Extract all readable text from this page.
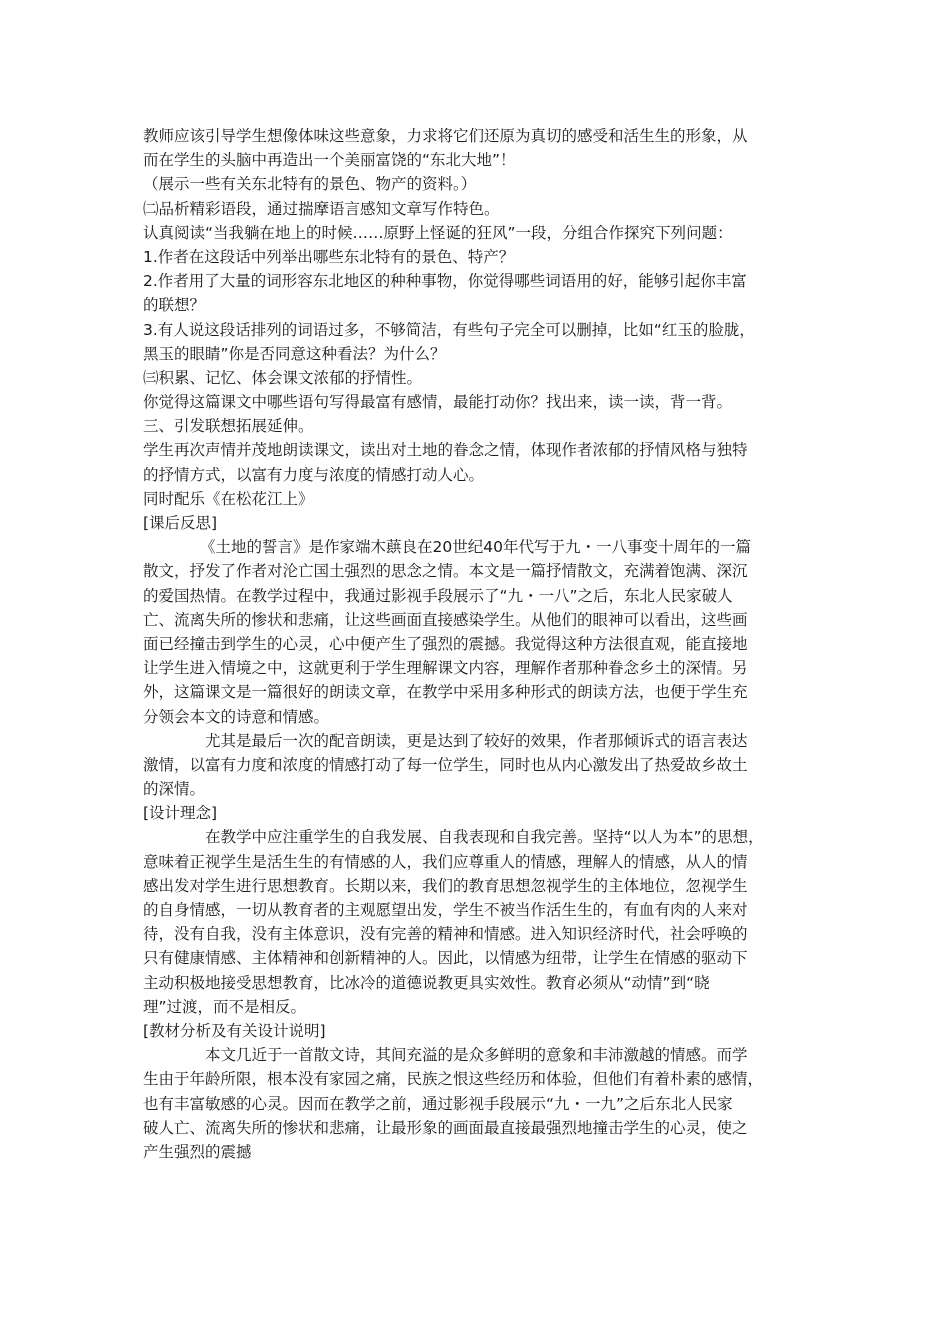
教师应该引导学生想像体味这些意象，力求将它们还原为真切的感受和活生生的形象，从
而在学生的头脑中再造出一个美丽富饶的“东北大地”！
（展示一些有关东北特有的景色、物产的资料。）
㈡品析精彩语段，通过揣摩语言感知文章写作特色。
认真阅读“当我躺在地上的时候……原野上怪诞的狂风”一段，分组合作探究下列问题：
1.作者在这段话中列举出哪些东北特有的景色、特产？
2.作者用了大量的词形容东北地区的种种事物，你觉得哪些词语用的好，能够引起你丰富
的联想？
3.有人说这段话排列的词语过多，不够简洁，有些句子完全可以删掉，比如“红玉的脸胧，
黑玉的眼睛”你是否同意这种看法？为什么？
㈢积累、记忆、体会课文浓郁的抒情性。
你觉得这篇课文中哪些语句写得最富有感情，最能打动你？找出来，读一读，背一背。
三、引发联想拓展延伸。
学生再次声情并茂地朗读课文，读出对土地的眷念之情，体现作者浓郁的抒情风格与独特
的抒情方式，以富有力度与浓度的情感打动人心。
同时配乐《在松花江上》
[课后反思]
《土地的誓言》是作家端木蕻良在20世纪40年代写于九・一八事变十周年的一篇
散文，抒发了作者对沦亡国土强烈的思念之情。本文是一篇抒情散文，充满着饱满、深沉
的爱国热情。在教学过程中，我通过影视手段展示了“九・一八”之后，东北人民家破人
亡、流离失所的惨状和悲痛，让这些画面直接感染学生。从他们的眼神可以看出，这些画
面已经撞击到学生的心灵，心中便产生了强烈的震撼。我觉得这种方法很直观，能直接地
让学生进入情境之中，这就更利于学生理解课文内容，理解作者那种眷念乡土的深情。另
外，这篇课文是一篇很好的朗读文章，在教学中采用多种形式的朗读方法，也便于学生充
分领会本文的诗意和情感。
尤其是最后一次的配音朗读，更是达到了较好的效果，作者那倾诉式的语言表达
激情，以富有力度和浓度的情感打动了每一位学生，同时也从内心激发出了热爱故乡故土
的深情。
[设计理念]
在教学中应注重学生的自我发展、自我表现和自我完善。坚持“以人为本”的思想，
意味着正视学生是活生生的有情感的人，我们应尊重人的情感，理解人的情感，从人的情
感出发对学生进行思想教育。长期以来，我们的教育思想忽视学生的主体地位，忽视学生
的自身情感，一切从教育者的主观愿望出发，学生不被当作活生生的，有血有肉的人来对
待，没有自我，没有主体意识，没有完善的精神和情感。进入知识经济时代，社会呼唤的
只有健康情感、主体精神和创新精神的人。因此，以情感为纽带，让学生在情感的驱动下
主动积极地接受思想教育，比冰冷的道德说教更具实效性。教育必须从“动情”到“晓
理”过渡，而不是相反。
[教材分析及有关设计说明]
本文几近于一首散文诗，其间充溢的是众多鲜明的意象和丰沛激越的情感。而学
生由于年龄所限，根本没有家园之痛，民族之恨这些经历和体验，但他们有着朴素的感情，
也有丰富敏感的心灵。因而在教学之前，通过影视手段展示“九・一九”之后东北人民家
破人亡、流离失所的惨状和悲痛，让最形象的画面最直接最强烈地撞击学生的心灵，使之
产生强烈的震撼
